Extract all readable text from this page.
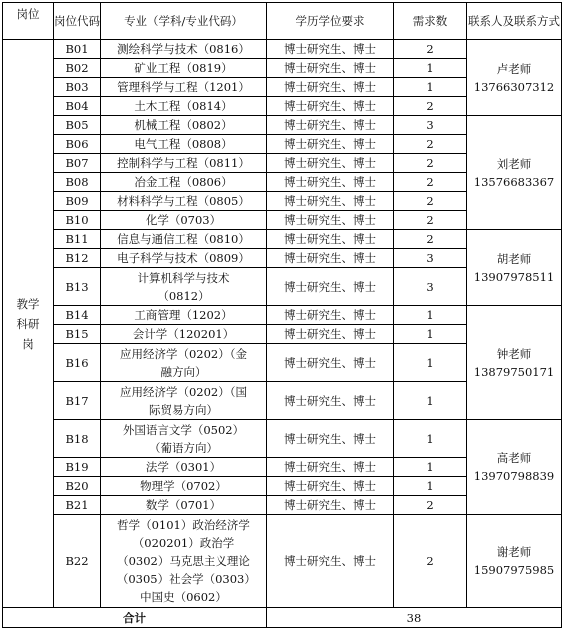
岗位	岗位代码	专业（学科/专业代码）	学历学位要求	需求数	联系人及联系方式
教学科研岗	B01	测绘科学与技术（0816）	博士研究生、博士	2	卢老师
13766307312

	B02	矿业工程（0819）	博士研究生、博士	1	
	B03	管理科学与工程（1201）	博士研究生、博士	1	
	B04	土木工程（0814）	博士研究生、博士	2	
	B05	机械工程（0802）	博士研究生、博士	3	刘老师
13576683367

	B06	电气工程（0808）	博士研究生、博士	2	
	B07	控制科学与工程（0811）	博士研究生、博士	2	
	B08	冶金工程（0806）	博士研究生、博士	2	
	B09	材料科学与工程（0805）	博士研究生、博士	2	
	B10	化学（0703）	博士研究生、博士	2	
	B11	信息与通信工程（0810）	博士研究生、博士	2	胡老师
13907978511

	B12	电子科学与技术（0809）	博士研究生、博士	3	
	B13	计算机科学与技术（0812）	博士研究生、博士	3	
	B14	工商管理（1202）	博士研究生、博士	1	钟老师
13879750171

	B15	会计学（120201）	博士研究生、博士	1	
	B16	应用经济学（0202）（金融方向）	博士研究生、博士	1	
	B17	应用经济学（0202）（国际贸易方向）	博士研究生、博士	1	
	B18	外国语言文学（0502）（葡语方向）	博士研究生、博士	1	高老师
13970798839

	B19	法学（0301）	博士研究生、博士	1	
	B20	物理学（0702）	博士研究生、博士	1	
	B21	数学（0701）	博士研究生、博士	2	
	B22	哲学（0101）政治经济学（020201）政治学（0302）马克思主义理论（0305）社会学（0303）中国史（0602）	博士研究生、博士	2	谢老师
15907975985

合计			38		
